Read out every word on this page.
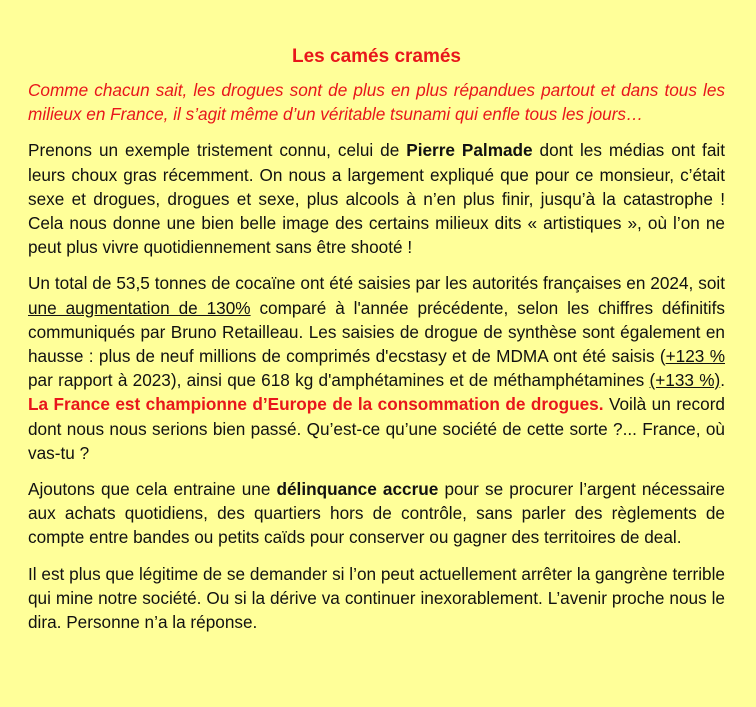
Les camés cramés

Comme chacun sait, les drogues sont de plus en plus répandues partout et dans tous les milieux en France, il s’agit même d’un véritable tsunami qui enfle tous les jours…

Prenons un exemple tristement connu, celui de Pierre Palmade dont les médias ont fait leurs choux gras récemment. On nous a largement expliqué que pour ce monsieur, c’était sexe et drogues, drogues et sexe, plus alcools à n’en plus finir, jusqu’à la catastrophe ! Cela nous donne une bien belle image des certains milieux dits « artistiques », où l’on ne peut plus vivre quotidiennement sans être shooté !

Un total de 53,5 tonnes de cocaïne ont été saisies par les autorités françaises en 2024, soit une augmentation de 130% comparé à l'année précédente, selon les chiffres définitifs communiqués par Bruno Retailleau. Les saisies de drogue de synthèse sont également en hausse : plus de neuf millions de comprimés d'ecstasy et de MDMA ont été saisis (+123 % par rapport à 2023), ainsi que 618 kg d'amphétamines et de méthamphétamines (+133 %). La France est championne d’Europe de la consommation de drogues. Voilà un record dont nous nous serions bien passé. Qu’est-ce qu’une société de cette sorte ?... France, où vas-tu ?

Ajoutons que cela entraine une délinquance accrue pour se procurer l’argent nécessaire aux achats quotidiens, des quartiers hors de contrôle, sans parler des règlements de compte entre bandes ou petits caïds pour conserver ou gagner des territoires de deal.

Il est plus que légitime de se demander si l’on peut actuellement arrêter la gangrène terrible qui mine notre société. Ou si la dérive va continuer inexorablement. L’avenir proche nous le dira. Personne n’a la réponse.
